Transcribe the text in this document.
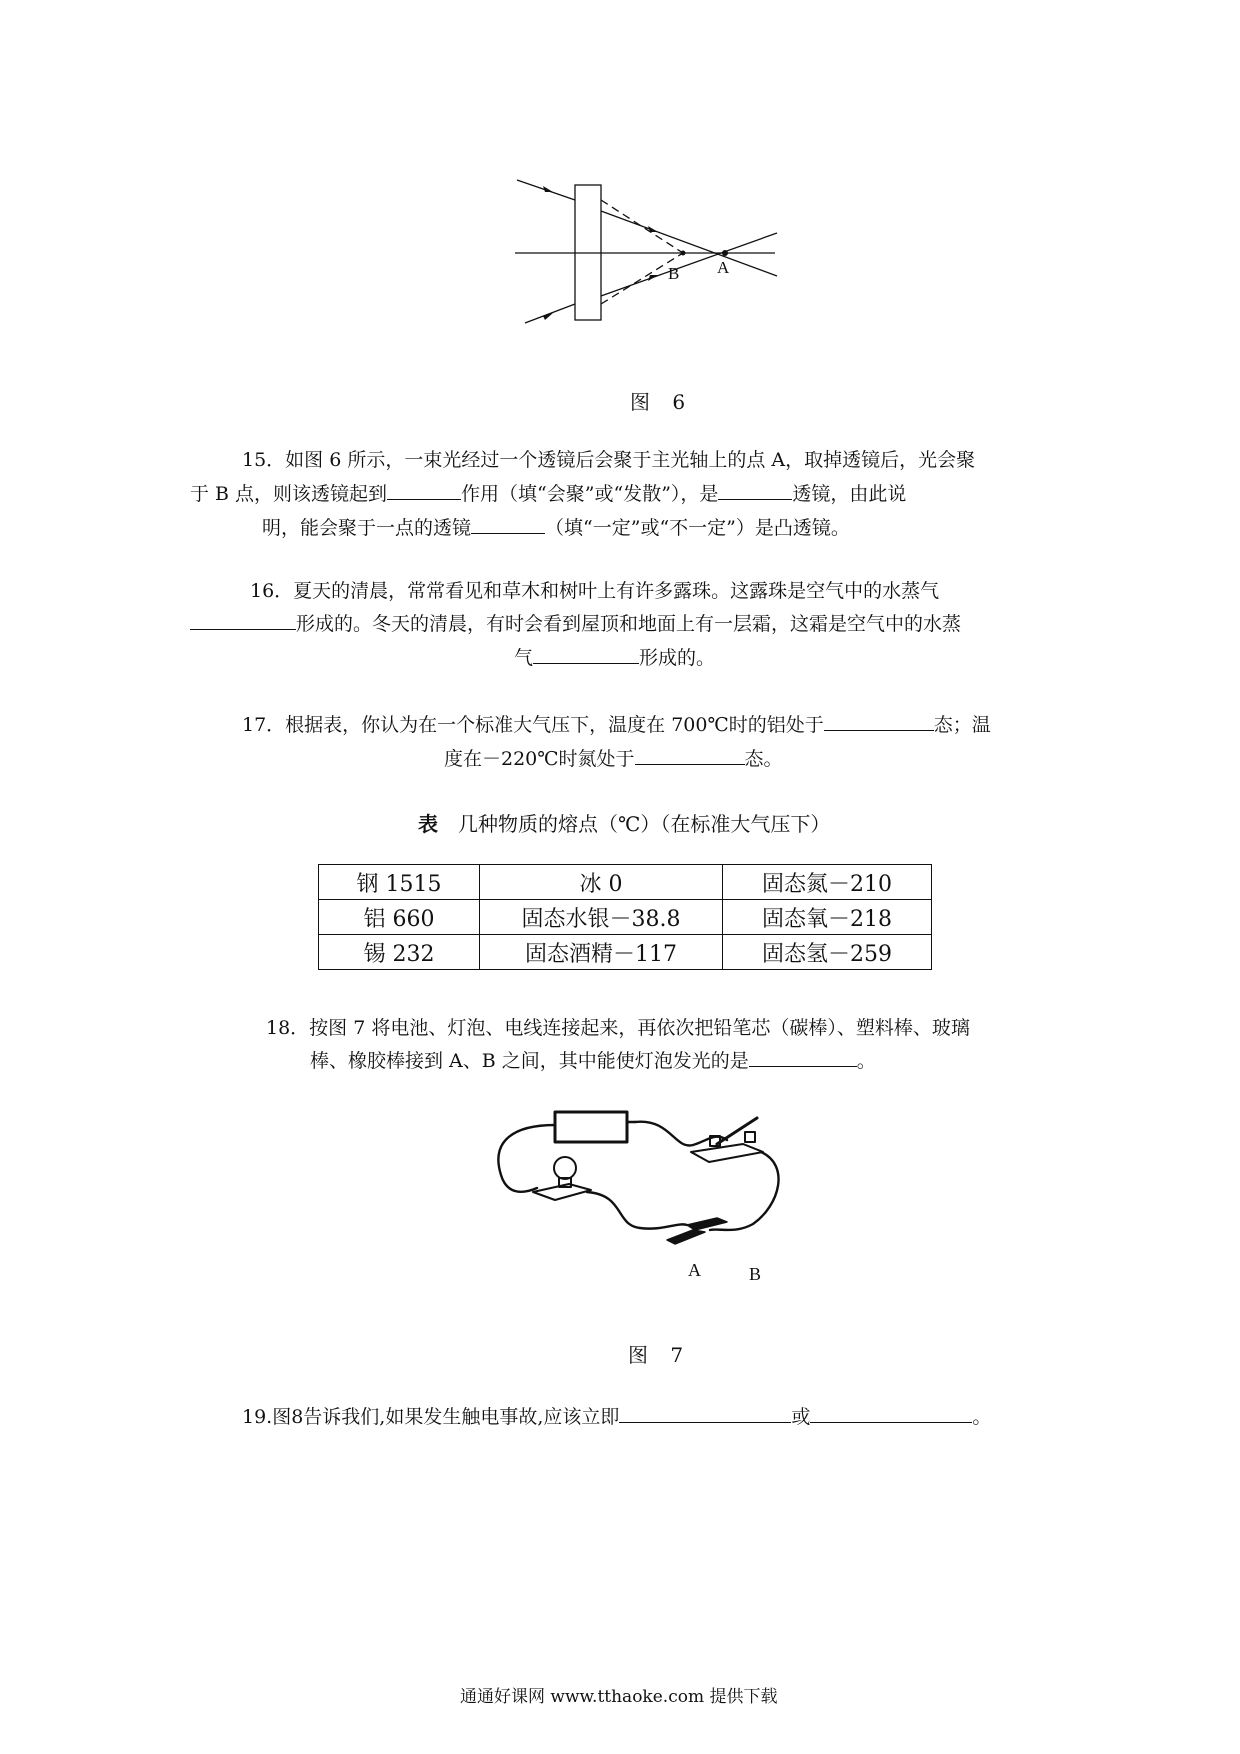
B A
图 6
15．如图 6 所示，一束光经过一个透镜后会聚于主光轴上的点 A，取掉透镜后，光会聚
于 B 点，则该透镜起到	作用（填“会聚”或“发散”），是	透镜，由此说
明，能会聚于一点的透镜	（填“一定”或“不一定”）是凸透镜。
16．夏天的清晨，常常看见和草木和树叶上有许多露珠。这露珠是空气中的水蒸气
形成的。冬天的清晨，有时会看到屋顶和地面上有一层霜，这霜是空气中的水蒸
气	形成的。
17．根据表，你认为在一个标准大气压下，温度在 700℃时的铝处于	态；温
度在－220℃时氮处于	态。
表 几种物质的熔点（℃）（在标准大气压下）
钢 1515	冰 0	固态氮－210
铝 660	固态水银－38.8	固态氧－218
锡 232	固态酒精－117	固态氢－259
18．按图 7 将电池、灯泡、电线连接起来，再依次把铅笔芯（碳棒）、塑料棒、玻璃
棒、橡胶棒接到 A、B 之间，其中能使灯泡发光的是	。
A	B
图 7
19.图8告诉我们,如果发生触电事故,应该立即	或	。
通通好课网 www.tthaoke.com 提供下载
